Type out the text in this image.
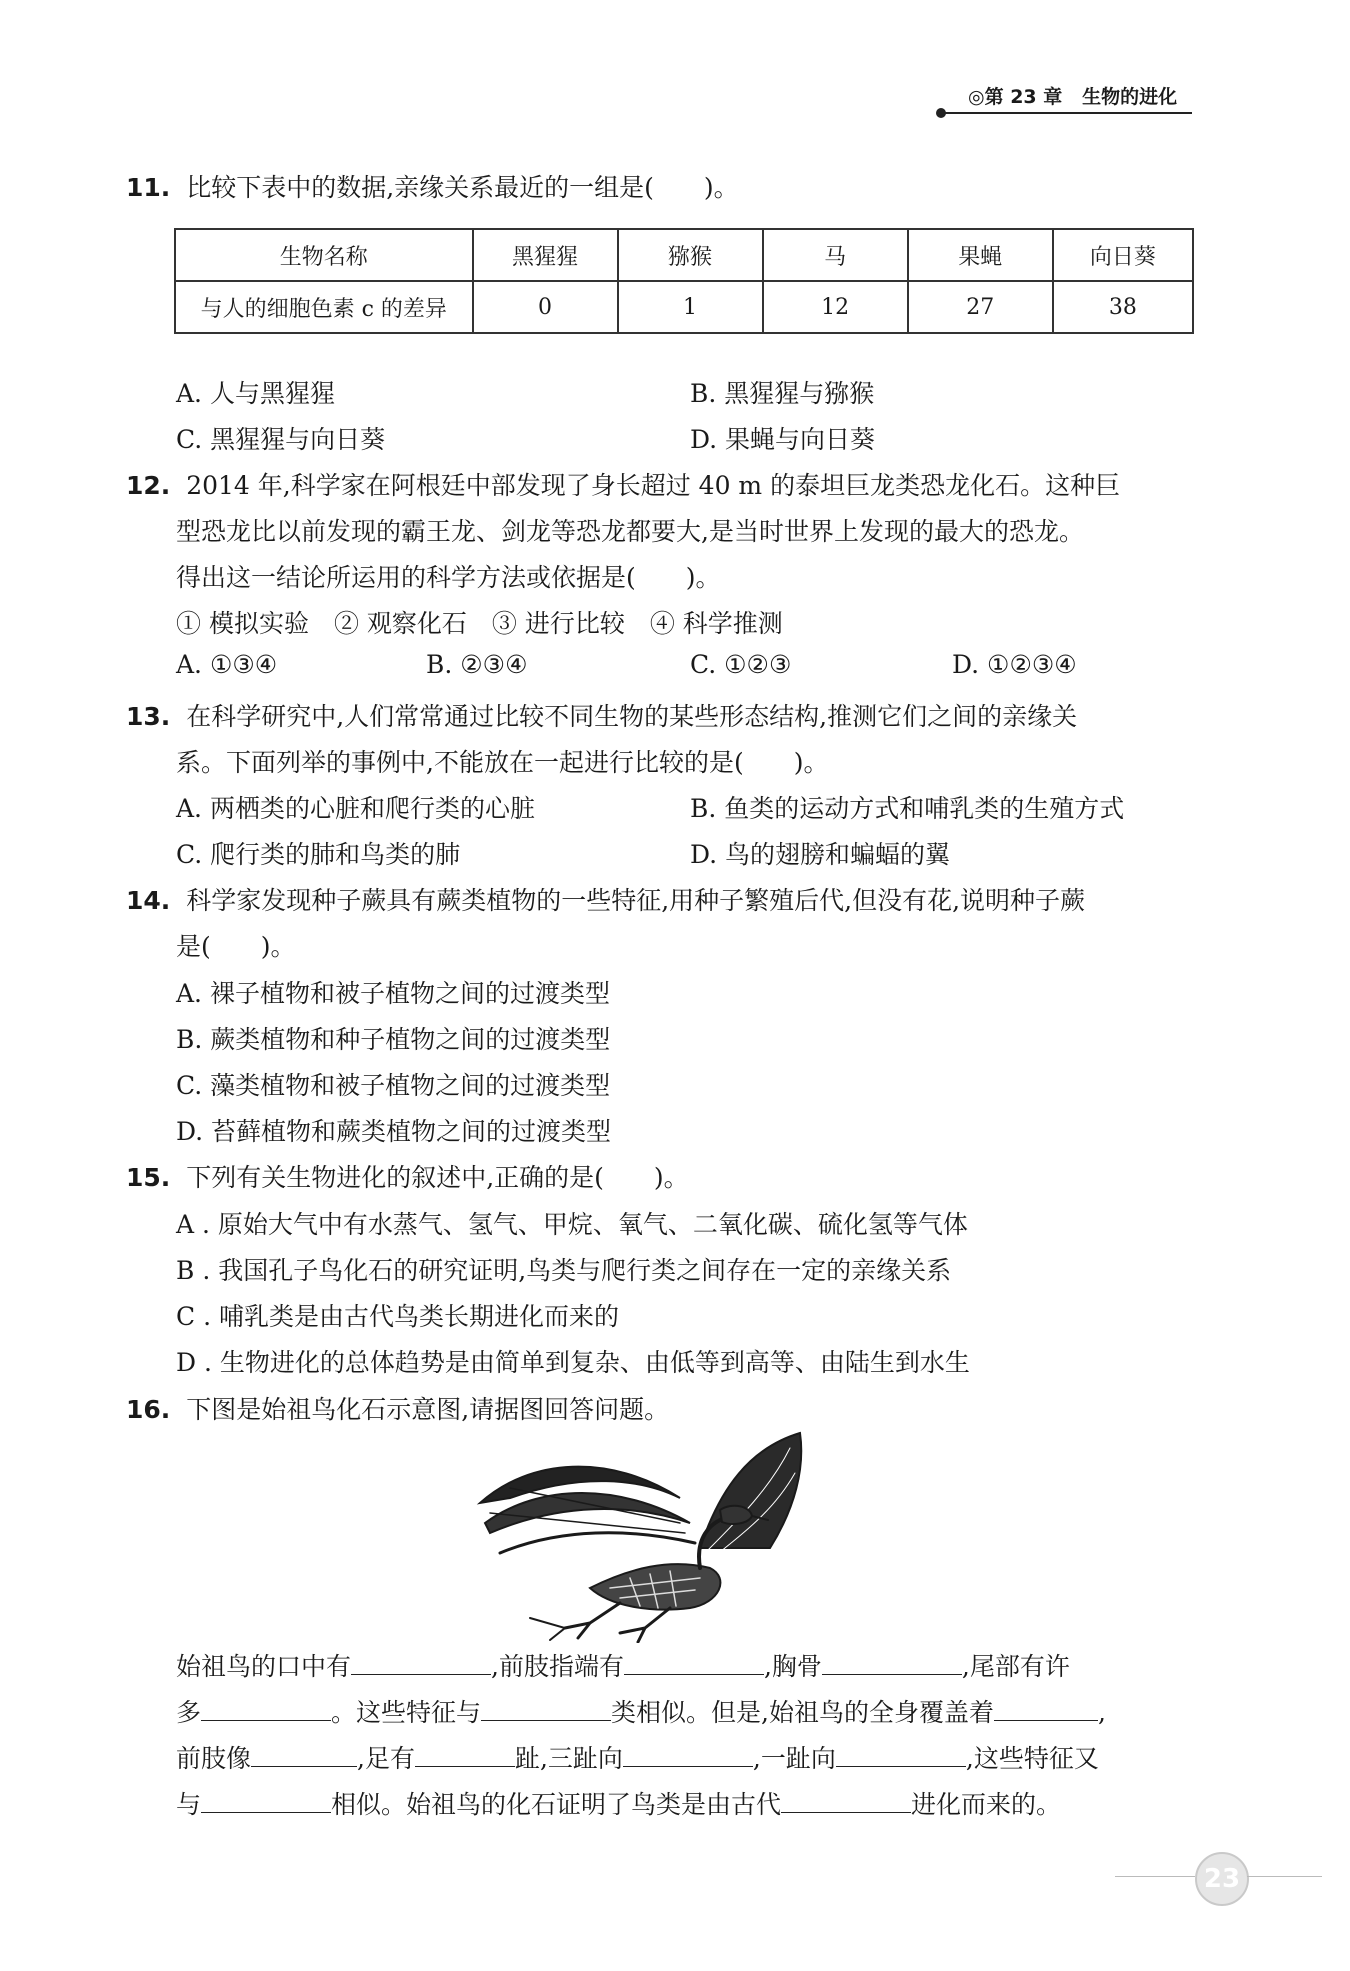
◎第 23 章 生物的进化
11. 比较下表中的数据,亲缘关系最近的一组是(　　)。
生物名称	黑猩猩	猕猴	马	果蝇	向日葵
与人的细胞色素 c 的差异	0	1	12	27	38
A. 人与黑猩猩	B. 黑猩猩与猕猴
C. 黑猩猩与向日葵	D. 果蝇与向日葵
12. 2014 年,科学家在阿根廷中部发现了身长超过 40 m 的泰坦巨龙类恐龙化石。这种巨
型恐龙比以前发现的霸王龙、剑龙等恐龙都要大,是当时世界上发现的最大的恐龙。
得出这一结论所运用的科学方法或依据是(　　)。
① 模拟实验　② 观察化石　③ 进行比较　④ 科学推测
A. ①③④	B. ②③④	C. ①②③	D. ①②③④
13. 在科学研究中,人们常常通过比较不同生物的某些形态结构,推测它们之间的亲缘关
系。下面列举的事例中,不能放在一起进行比较的是(　　)。
A. 两栖类的心脏和爬行类的心脏	B. 鱼类的运动方式和哺乳类的生殖方式
C. 爬行类的肺和鸟类的肺	D. 鸟的翅膀和蝙蝠的翼
14. 科学家发现种子蕨具有蕨类植物的一些特征,用种子繁殖后代,但没有花,说明种子蕨
是(　　)。
A. 裸子植物和被子植物之间的过渡类型
B. 蕨类植物和种子植物之间的过渡类型
C. 藻类植物和被子植物之间的过渡类型
D. 苔藓植物和蕨类植物之间的过渡类型
15. 下列有关生物进化的叙述中,正确的是(　　)。
A . 原始大气中有水蒸气、氢气、甲烷、氧气、二氧化碳、硫化氢等气体
B . 我国孔子鸟化石的研究证明,鸟类与爬行类之间存在一定的亲缘关系
C . 哺乳类是由古代鸟类长期进化而来的
D . 生物进化的总体趋势是由简单到复杂、由低等到高等、由陆生到水生
16. 下图是始祖鸟化石示意图,请据图回答问题。
始祖鸟的口中有	,前肢指端有	,胸骨	,尾部有许
多	。这些特征与	类相似。但是,始祖鸟的全身覆盖着	,
前肢像	,足有	趾,三趾向	,一趾向	,这些特征又
与	相似。始祖鸟的化石证明了鸟类是由古代	进化而来的。
23
